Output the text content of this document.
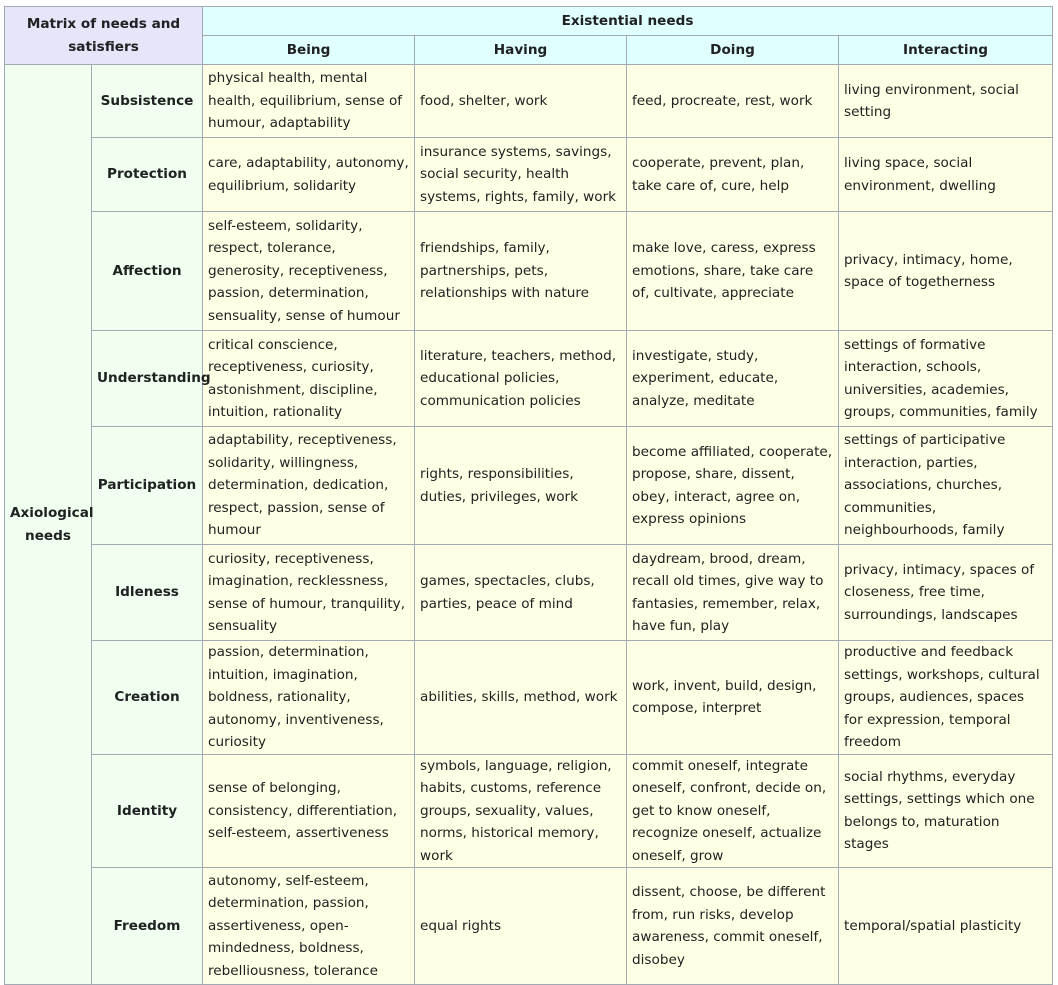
Matrix of needs and satisfiers		Existential needs			
		Being	Having	Doing	Interacting
Axiological needs	Subsistence	physical health, mental health, equilibrium, sense of humour, adaptability	food, shelter, work	feed, procreate, rest, work	living environment, social setting
	Protection	care, adaptability, autonomy, equilibrium, solidarity	insurance systems, savings, social security, health systems, rights, family, work	cooperate, prevent, plan, take care of, cure, help	living space, social environment, dwelling
	Affection	self-esteem, solidarity, respect, tolerance, generosity, receptiveness, passion, determination, sensuality, sense of humour	friendships, family, partnerships, pets, relationships with nature	make love, caress, express emotions, share, take care of, cultivate, appreciate	privacy, intimacy, home, space of togetherness
	Understanding	critical conscience, receptiveness, curiosity, astonishment, discipline, intuition, rationality	literature, teachers, method, educational policies, communication policies	investigate, study, experiment, educate, analyze, meditate	settings of formative interaction, schools, universities, academies, groups, communities, family
	Participation	adaptability, receptiveness, solidarity, willingness, determination, dedication, respect, passion, sense of humour	rights, responsibilities, duties, privileges, work	become affiliated, cooperate, propose, share, dissent, obey, interact, agree on, express opinions	settings of participative interaction, parties, associations, churches, communities, neighbourhoods, family
	Idleness	curiosity, receptiveness, imagination, recklessness, sense of humour, tranquility, sensuality	games, spectacles, clubs, parties, peace of mind	daydream, brood, dream, recall old times, give way to fantasies, remember, relax, have fun, play	privacy, intimacy, spaces of closeness, free time, surroundings, landscapes
	Creation	passion, determination, intuition, imagination, boldness, rationality, autonomy, inventiveness, curiosity	abilities, skills, method, work	work, invent, build, design, compose, interpret	productive and feedback settings, workshops, cultural groups, audiences, spaces for expression, temporal freedom
	Identity	sense of belonging, consistency, differentiation, self-esteem, assertiveness	symbols, language, religion, habits, customs, reference groups, sexuality, values, norms, historical memory, work	commit oneself, integrate oneself, confront, decide on, get to know oneself, recognize oneself, actualize oneself, grow	social rhythms, everyday settings, settings which one belongs to, maturation stages
	Freedom	autonomy, self-esteem, determination, passion, assertiveness, open-mindedness, boldness, rebelliousness, tolerance	equal rights	dissent, choose, be different from, run risks, develop awareness, commit oneself, disobey	temporal/spatial plasticity
